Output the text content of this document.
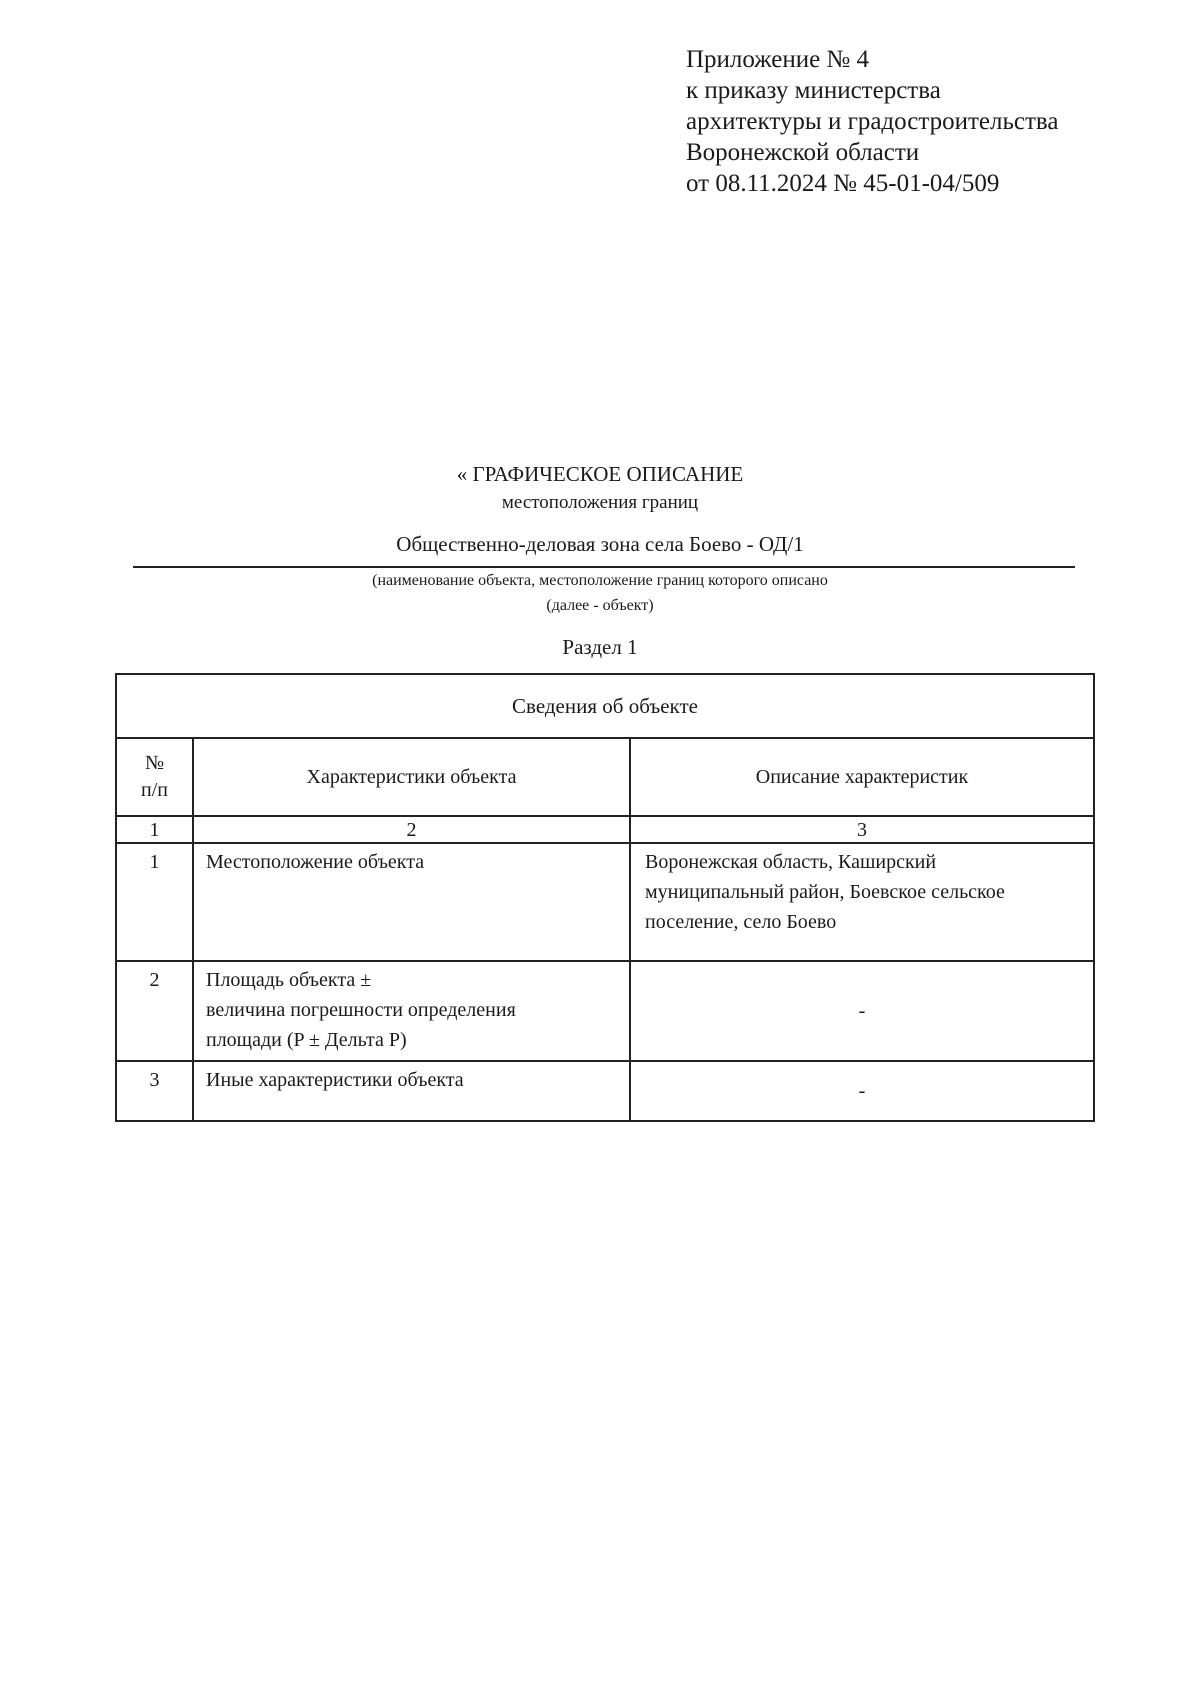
Приложение № 4
к приказу министерства
архитектуры и градостроительства
Воронежской области
от 08.11.2024 № 45-01-04/509
« ГРАФИЧЕСКОЕ ОПИСАНИЕ
местоположения границ
Общественно-деловая зона села Боево - ОД/1
(наименование объекта, местоположение границ которого описано
(далее - объект)
Раздел 1
Сведения об объекте		

№
п/п	Характеристики объекта	Описание характеристик
1	2	3
1	Местоположение объекта	Воронежская область, Каширский
муниципальный район, Боевское сельское
поселение, село Боево

2	Площадь объекта ±
величина погрешности определения
площади (P ± Дельта P)	-
3	Иные характеристики объекта	-
